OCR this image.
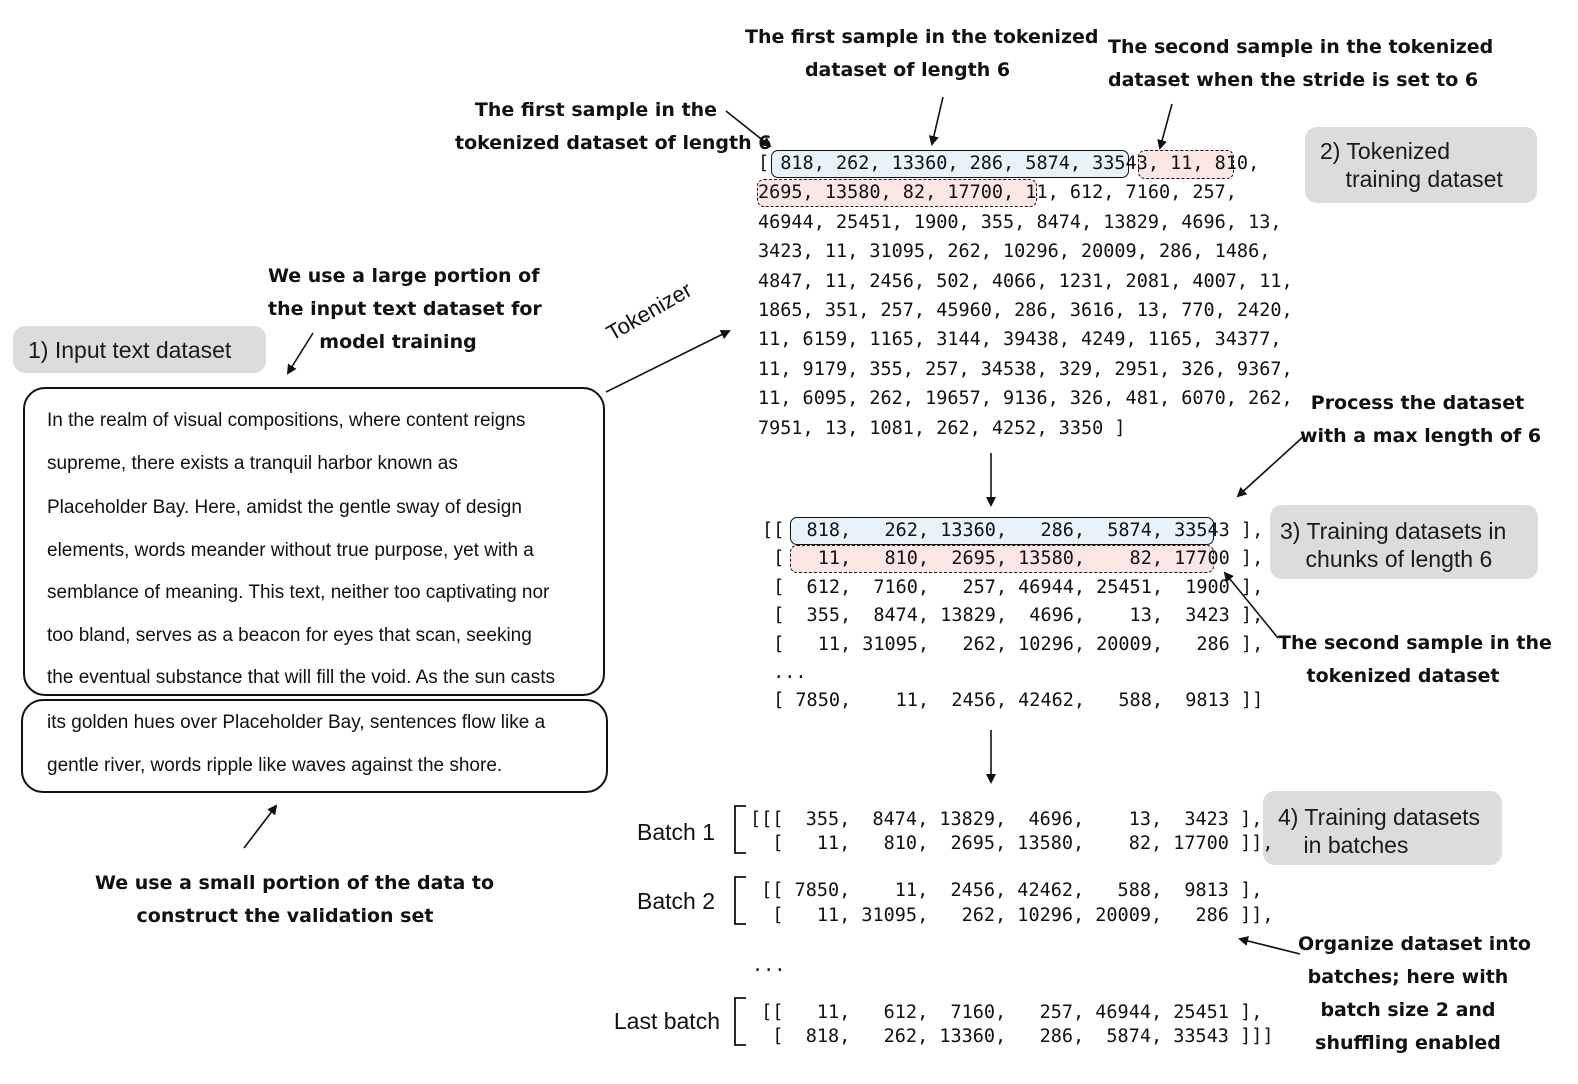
1) Input text dataset
2) Tokenized
training dataset
3) Training datasets in
chunks of length 6
4) Training datasets
in batches
The first sample in the tokenized
dataset of length 6
The second sample in the tokenized
dataset when the stride is set to 6
The first sample in the
tokenized dataset of length 6
We use a large portion of
the input text dataset for
model training
We use a small portion of the data to
construct the validation set
Process the dataset
with a max length of 6
The second sample in the
tokenized dataset
Organize dataset into
batches; here with
batch size 2 and
shuffling enabled
Tokenizer
In the realm of visual compositions, where content reigns
supreme, there exists a tranquil harbor known as
Placeholder Bay. Here, amidst the gentle sway of design
elements, words meander without true purpose, yet with a
semblance of meaning. This text, neither too captivating nor
too bland, serves as a beacon for eyes that scan, seeking
the eventual substance that will fill the void. As the sun casts
its golden hues over Placeholder Bay, sentences flow like a
gentle river, words ripple like waves against the shore.
[ 818, 262, 13360, 286, 5874, 33543, 11, 810,
2695, 13580, 82, 17700, 11, 612, 7160, 257,
46944, 25451, 1900, 355, 8474, 13829, 4696, 13,
3423, 11, 31095, 262, 10296, 20009, 286, 1486,
4847, 11, 2456, 502, 4066, 1231, 2081, 4007, 11,
1865, 351, 257, 45960, 286, 3616, 13, 770, 2420,
11, 6159, 1165, 3144, 39438, 4249, 1165, 34377,
11, 9179, 355, 257, 34538, 329, 2951, 326, 9367,
11, 6095, 262, 19657, 9136, 326, 481, 6070, 262,
7951, 13, 1081, 262, 4252, 3350 ]
[[  818,   262, 13360,   286,  5874, 33543 ],
[   11,   810,  2695, 13580,    82, 17700 ],
[  612,  7160,   257, 46944, 25451,  1900 ],
[  355,  8474, 13829,  4696,    13,  3423 ],
[   11, 31095,   262, 10296, 20009,   286 ],
...
[ 7850,    11,  2456, 42462,   588,  9813 ]]
Batch 1 [[[  355,  8474, 13829,  4696,    13,  3423 ],
[   11,   810,  2695, 13580,    82, 17700 ]],
Batch 2 [[ 7850,    11,  2456, 42462,   588,  9813 ],
[   11, 31095,   262, 10296, 20009,   286 ]],
...
Last batch [[   11,   612,  7160,   257, 46944, 25451 ],
[  818,   262, 13360,   286,  5874, 33543 ]]]
